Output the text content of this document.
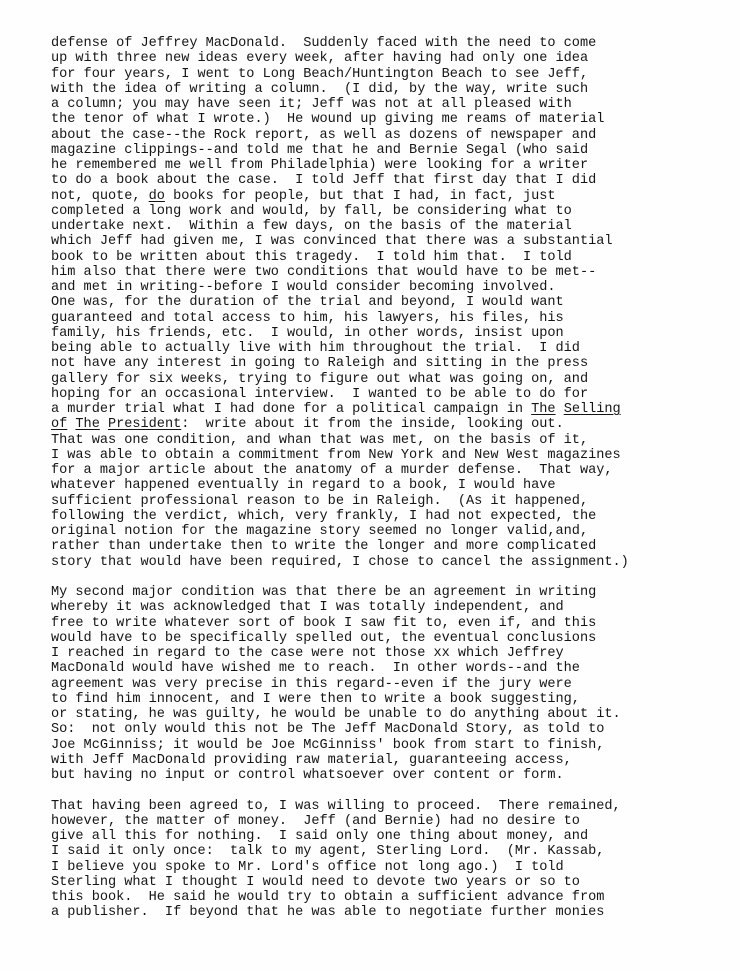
defense of Jeffrey MacDonald.  Suddenly faced with the need to come
up with three new ideas every week, after having had only one idea
for four years, I went to Long Beach/Huntington Beach to see Jeff,
with the idea of writing a column.  (I did, by the way, write such
a column; you may have seen it; Jeff was not at all pleased with
the tenor of what I wrote.)  He wound up giving me reams of material
about the case--the Rock report, as well as dozens of newspaper and
magazine clippings--and told me that he and Bernie Segal (who said
he remembered me well from Philadelphia) were looking for a writer
to do a book about the case.  I told Jeff that first day that I did
not, quote, do books for people, but that I had, in fact, just
completed a long work and would, by fall, be considering what to
undertake next.  Within a few days, on the basis of the material
which Jeff had given me, I was convinced that there was a substantial
book to be written about this tragedy.  I told him that.  I told
him also that there were two conditions that would have to be met--
and met in writing--before I would consider becoming involved.
One was, for the duration of the trial and beyond, I would want
guaranteed and total access to him, his lawyers, his files, his
family, his friends, etc.  I would, in other words, insist upon
being able to actually live with him throughout the trial.  I did
not have any interest in going to Raleigh and sitting in the press
gallery for six weeks, trying to figure out what was going on, and
hoping for an occasional interview.  I wanted to be able to do for
a murder trial what I had done for a political campaign in The Selling
of The President:  write about it from the inside, looking out.
That was one condition, and whan that was met, on the basis of it,
I was able to obtain a commitment from New York and New West magazines
for a major article about the anatomy of a murder defense.  That way,
whatever happened eventually in regard to a book, I would have
sufficient professional reason to be in Raleigh.  (As it happened,
following the verdict, which, very frankly, I had not expected, the
original notion for the magazine story seemed no longer valid,and,
rather than undertake then to write the longer and more complicated
story that would have been required, I chose to cancel the assignment.)
My second major condition was that there be an agreement in writing
whereby it was acknowledged that I was totally independent, and
free to write whatever sort of book I saw fit to, even if, and this
would have to be specifically spelled out, the eventual conclusions
I reached in regard to the case were not those xx which Jeffrey
MacDonald would have wished me to reach.  In other words--and the
agreement was very precise in this regard--even if the jury were
to find him innocent, and I were then to write a book suggesting,
or stating, he was guilty, he would be unable to do anything about it.
So:  not only would this not be The Jeff MacDonald Story, as told to
Joe McGinniss; it would be Joe McGinniss' book from start to finish,
with Jeff MacDonald providing raw material, guaranteeing access,
but having no input or control whatsoever over content or form.
That having been agreed to, I was willing to proceed.  There remained,
however, the matter of money.  Jeff (and Bernie) had no desire to
give all this for nothing.  I said only one thing about money, and
I said it only once:  talk to my agent, Sterling Lord.  (Mr. Kassab,
I believe you spoke to Mr. Lord's office not long ago.)  I told
Sterling what I thought I would need to devote two years or so to
this book.  He said he would try to obtain a sufficient advance from
a publisher.  If beyond that he was able to negotiate further monies
